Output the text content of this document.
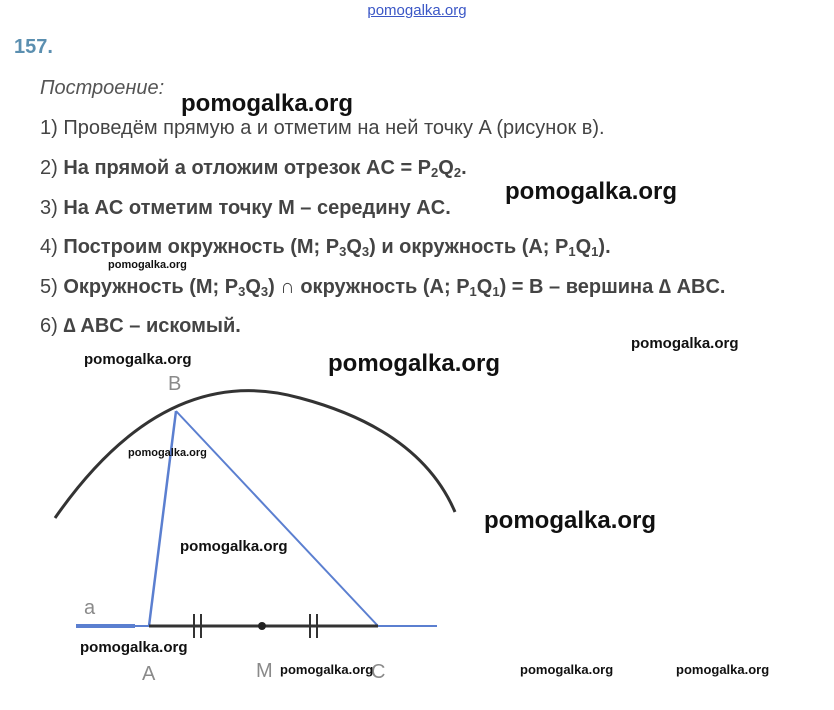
pomogalka.org
157.
Построение:
1) Проведём прямую a и отметим на ней точку A (рисунок в).
2) На прямой a отложим отрезок AC = $P_2Q_2$.
3) На AC отметим точку M – середину AC.
4) Построим окружность (M; $P_3Q_3$) и окружность (A; $P_1Q_1$).
5) Окружность (M; $P_3Q_3$) ∩ окружность (A; $P_1Q_1) = B$ – вершина ∆ ABC.
6) ∆ ABC – искомый.
a
B
A	M	C
pomogalka.org
pomogalka.org
pomogalka.org
pomogalka.org
pomogalka.org	pomogalka.org
pomogalka.org
pomogalka.org
pomogalka.org
pomogalka.org
pomogalka.org	pomogalka.org	pomogalka.org
